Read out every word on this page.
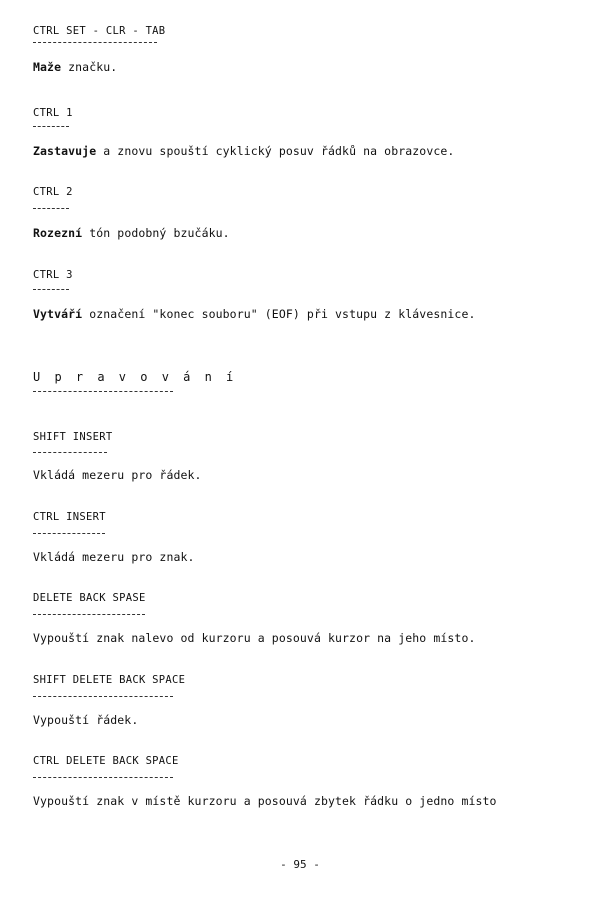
CTRL SET - CLR - TAB
Maže značku.
CTRL 1
Zastavuje a znovu spouští cyklický posuv řádků na obrazovce.
CTRL 2
Rozezní tón podobný bzučáku.
CTRL 3
Vytváří označení "konec souboru" (EOF) při vstupu z klávesnice.
U p r a v o v á n í
SHIFT INSERT
Vkládá mezeru pro řádek.
CTRL INSERT
Vkládá mezeru pro znak.
DELETE BACK SPASE
Vypouští znak nalevo od kurzoru a posouvá kurzor na jeho místo.
SHIFT DELETE BACK SPACE
Vypouští řádek.
CTRL DELETE BACK SPACE
Vypouští znak v místě kurzoru a posouvá zbytek řádku o jedno místo
- 95 -
